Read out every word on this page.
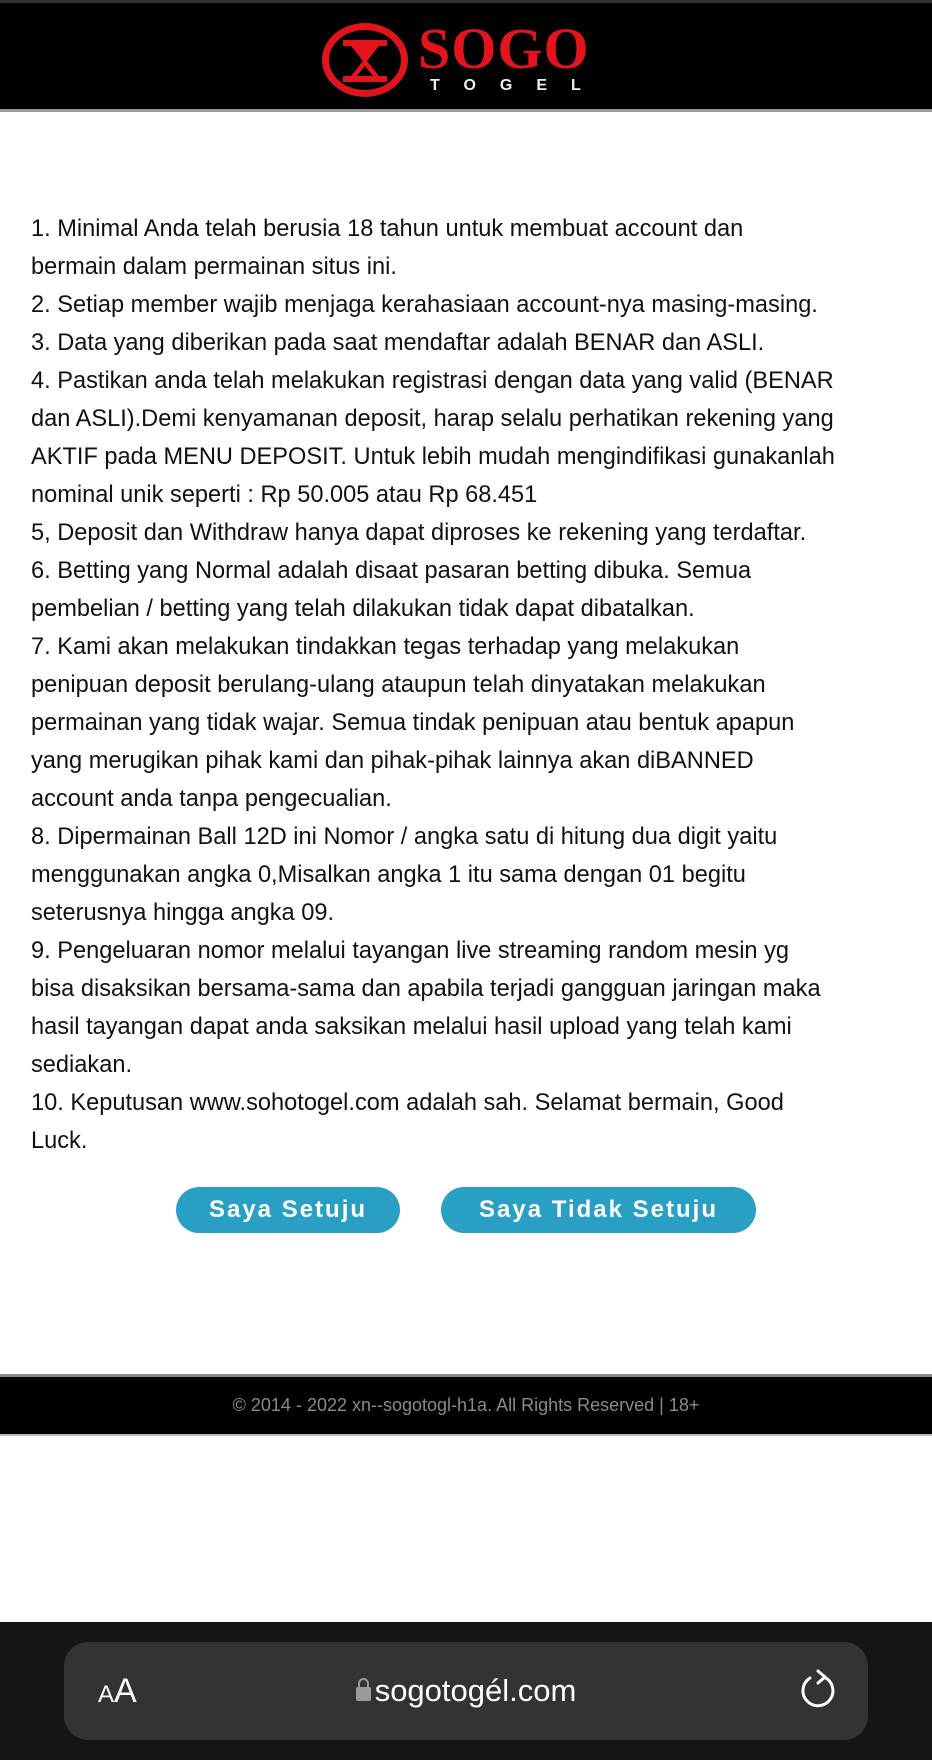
SOGO
TOGEL
1. Minimal Anda telah berusia 18 tahun untuk membuat account dan
bermain dalam permainan situs ini.
2. Setiap member wajib menjaga kerahasiaan account-nya masing-masing.
3. Data yang diberikan pada saat mendaftar adalah BENAR dan ASLI.
4. Pastikan anda telah melakukan registrasi dengan data yang valid (BENAR
dan ASLI).Demi kenyamanan deposit, harap selalu perhatikan rekening yang
AKTIF pada MENU DEPOSIT. Untuk lebih mudah mengindifikasi gunakanlah
nominal unik seperti : Rp 50.005 atau Rp 68.451
5, Deposit dan Withdraw hanya dapat diproses ke rekening yang terdaftar.
6. Betting yang Normal adalah disaat pasaran betting dibuka. Semua
pembelian / betting yang telah dilakukan tidak dapat dibatalkan.
7. Kami akan melakukan tindakkan tegas terhadap yang melakukan
penipuan deposit berulang-ulang ataupun telah dinyatakan melakukan
permainan yang tidak wajar. Semua tindak penipuan atau bentuk apapun
yang merugikan pihak kami dan pihak-pihak lainnya akan diBANNED
account anda tanpa pengecualian.
8. Dipermainan Ball 12D ini Nomor / angka satu di hitung dua digit yaitu
menggunakan angka 0,Misalkan angka 1 itu sama dengan 01 begitu
seterusnya hingga angka 09.
9. Pengeluaran nomor melalui tayangan live streaming random mesin yg
bisa disaksikan bersama-sama dan apabila terjadi gangguan jaringan maka
hasil tayangan dapat anda saksikan melalui hasil upload yang telah kami
sediakan.
10. Keputusan www.sohotogel.com adalah sah. Selamat bermain, Good
Luck.
Saya Setuju	Saya Tidak Setuju
© 2014 - 2022 xn--sogotogl-h1a. All Rights Reserved | 18+
AA	sogotogél.com
